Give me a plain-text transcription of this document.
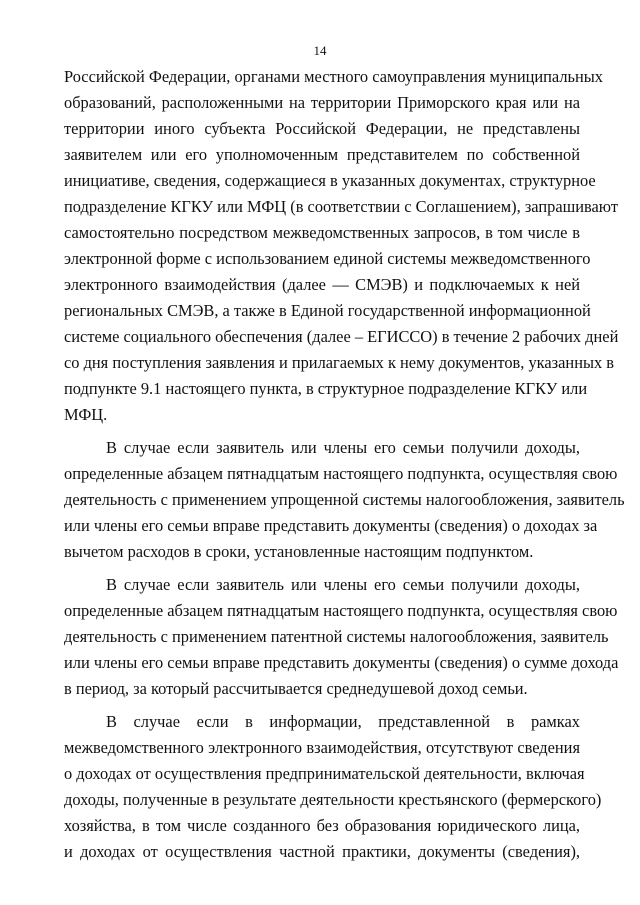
14
Российской Федерации, органами местного самоуправления муниципальных
образований, расположенными на территории Приморского края или на
территории иного субъекта Российской Федерации, не представлены
заявителем или его уполномоченным представителем по собственной
инициативе, сведения, содержащиеся в указанных документах, структурное
подразделение КГКУ или МФЦ (в соответствии с Соглашением), запрашивают
самостоятельно посредством межведомственных запросов, в том числе в
электронной форме с использованием единой системы межведомственного
электронного взаимодействия (далее — СМЭВ) и подключаемых к ней
региональных СМЭВ, а также в Единой государственной информационной
системе социального обеспечения (далее – ЕГИССО) в течение 2 рабочих дней
со дня поступления заявления и прилагаемых к нему документов, указанных в
подпункте 9.1 настоящего пункта, в структурное подразделение КГКУ или
МФЦ.
В случае если заявитель или члены его семьи получили доходы,
определенные абзацем пятнадцатым настоящего подпункта, осуществляя свою
деятельность с применением упрощенной системы налогообложения, заявитель
или члены его семьи вправе представить документы (сведения) о доходах за
вычетом расходов в сроки, установленные настоящим подпунктом.
В случае если заявитель или члены его семьи получили доходы,
определенные абзацем пятнадцатым настоящего подпункта, осуществляя свою
деятельность с применением патентной системы налогообложения, заявитель
или члены его семьи вправе представить документы (сведения) о сумме дохода
в период, за который рассчитывается среднедушевой доход семьи.
В случае если в информации, представленной в рамках
межведомственного электронного взаимодействия, отсутствуют сведения
о доходах от осуществления предпринимательской деятельности, включая
доходы, полученные в результате деятельности крестьянского (фермерского)
хозяйства, в том числе созданного без образования юридического лица,
и доходах от осуществления частной практики, документы (сведения),
